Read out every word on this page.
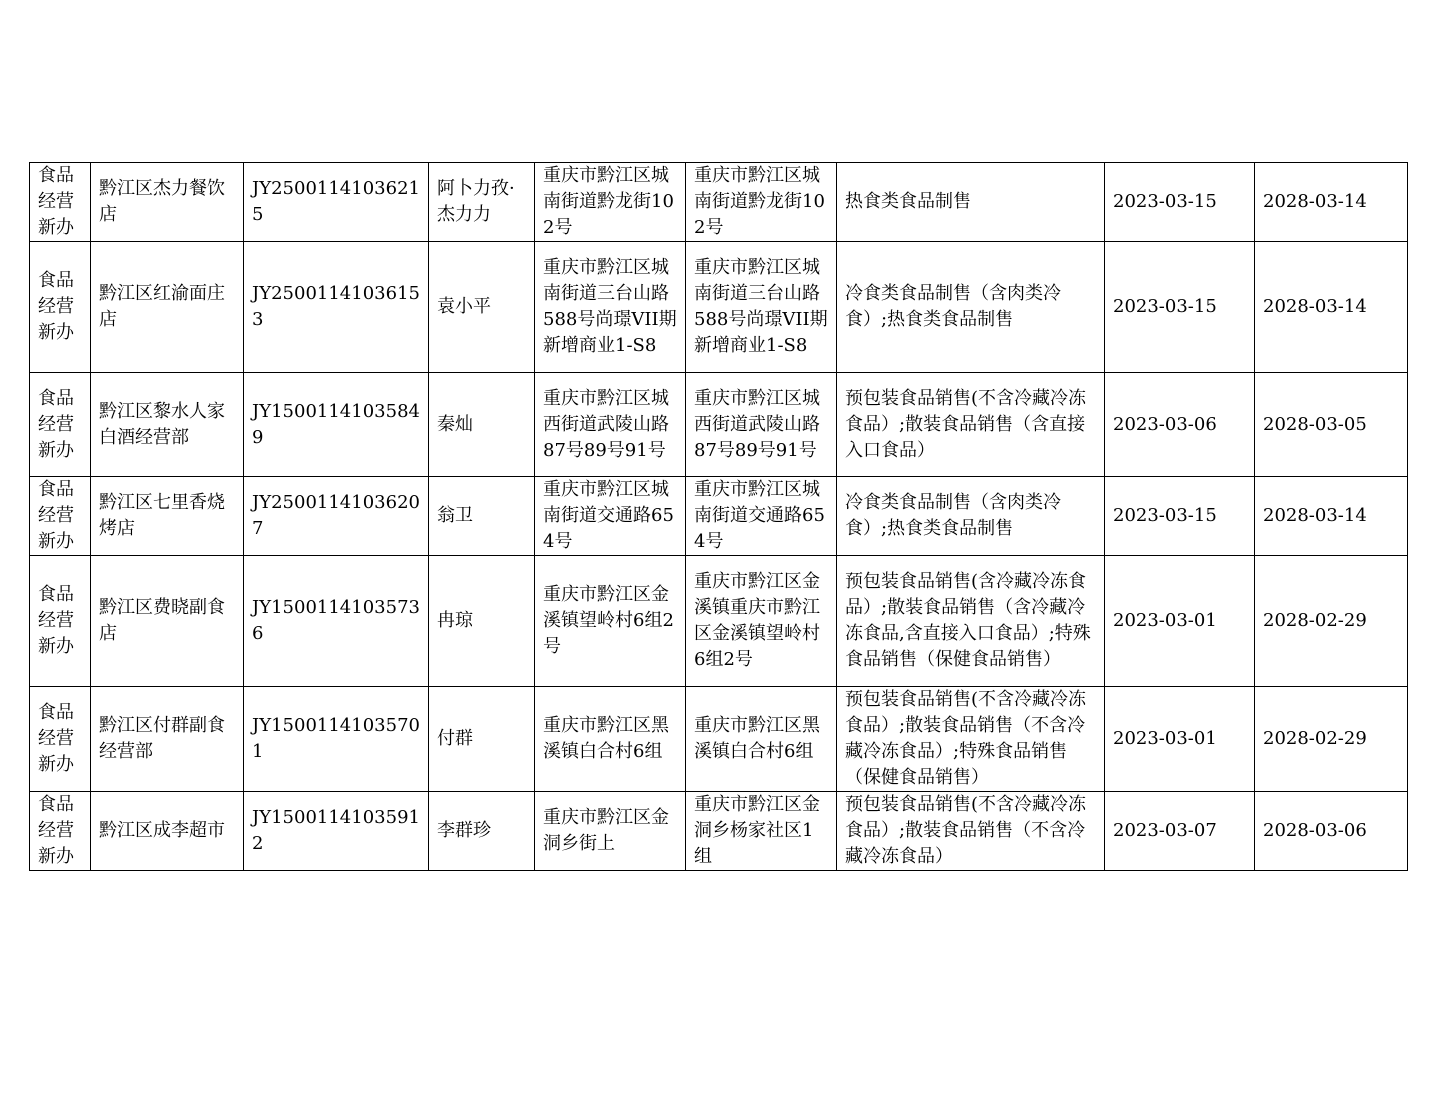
食品经营新办	黔江区杰力餐饮店	JY25001141036215	阿卜力孜·杰力力	重庆市黔江区城南街道黔龙街102号	重庆市黔江区城南街道黔龙街102号	热食类食品制售	2023-03-15	2028-03-14
食品经营新办	黔江区红渝面庄店	JY25001141036153	袁小平	重庆市黔江区城南街道三台山路588号尚璟VII期新增商业1-S8	重庆市黔江区城南街道三台山路588号尚璟VII期新增商业1-S8	冷食类食品制售（含肉类冷食）;热食类食品制售	2023-03-15	2028-03-14
食品经营新办	黔江区黎水人家白酒经营部	JY15001141035849	秦灿	重庆市黔江区城西街道武陵山路87号89号91号	重庆市黔江区城西街道武陵山路87号89号91号	预包装食品销售(不含冷藏冷冻食品）;散装食品销售（含直接入口食品）	2023-03-06	2028-03-05
食品经营新办	黔江区七里香烧烤店	JY25001141036207	翁卫	重庆市黔江区城南街道交通路654号	重庆市黔江区城南街道交通路654号	冷食类食品制售（含肉类冷食）;热食类食品制售	2023-03-15	2028-03-14
食品经营新办	黔江区费晓副食店	JY15001141035736	冉琼	重庆市黔江区金溪镇望岭村6组2号	重庆市黔江区金溪镇重庆市黔江区金溪镇望岭村6组2号	预包装食品销售(含冷藏冷冻食品）;散装食品销售（含冷藏冷冻食品,含直接入口食品）;特殊食品销售（保健食品销售）	2023-03-01	2028-02-29
食品经营新办	黔江区付群副食经营部	JY15001141035701	付群	重庆市黔江区黑溪镇白合村6组	重庆市黔江区黑溪镇白合村6组	预包装食品销售(不含冷藏冷冻食品）;散装食品销售（不含冷藏冷冻食品）;特殊食品销售（保健食品销售）	2023-03-01	2028-02-29
食品经营新办	黔江区成李超市	JY15001141035912	李群珍	重庆市黔江区金洞乡街上	重庆市黔江区金洞乡杨家社区1组	预包装食品销售(不含冷藏冷冻食品）;散装食品销售（不含冷藏冷冻食品）	2023-03-07	2028-03-06
